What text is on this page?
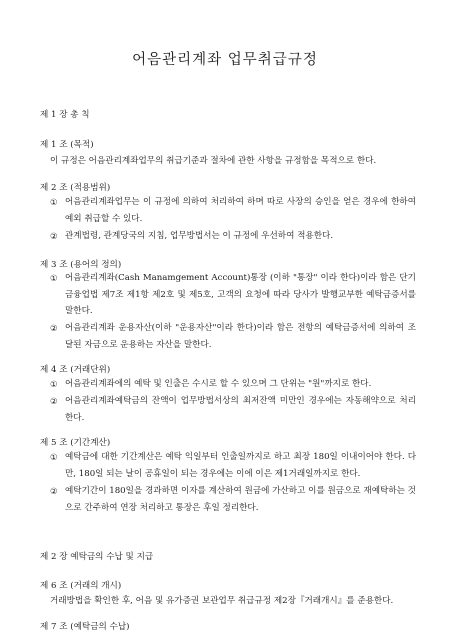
어음관리계좌 업무취급규정
제 1 장 총 칙
제 1 조 (목적)
이 규정은 어음관리계좌업무의 취급기준과 절차에 관한 사항을 규정함을 목적으로 한다.
제 2 조 (적용범위)
① 어음관리계좌업무는 이 규정에 의하여 처리하여 하며 따로 사장의 승인을 얻은 경우에 한하여 예외 취급할 수 있다.
② 관계법령, 관계당국의 지침, 업무방법서는 이 규정에 우선하여 적용한다.
제 3 조 (용어의 정의)
① 어음관리계좌(Cash Manamgement Account)통장 (이하 "통장" 이라 한다)이라 함은 단기금융업법 제7조 제1항 제2호 및 제5호, 고객의 요청에 따라 당사가 발행교부한 예탁금증서를 말한다.
② 어음관리계좌 운용자산(이하 "운용자산"이라 한다)이라 함은 전항의 예탁금증서에 의하여 조달된 자금으로 운용하는 자산을 말한다.
제 4 조 (거래단위)
① 어음관리계좌에의 예탁 및 인출은 수시로 할 수 있으며 그 단위는 "원"까지로 한다.
② 어음관리계좌예탁금의 잔액이 업무방법서상의 최저잔액 미만인 경우에는 자동해약으로 처리한다.
제 5 조 (기간계산)
① 예탁금에 대한 기간계산은 예탁 익일부터 인출일까지로 하고 최장 180일 이내이어야 한다. 다만, 180일 되는 날이 공휴일이 되는 경우에는 이에 이은 제1거래일까지로 한다.
② 예탁기간이 180일을 경과하면 이자를 계산하여 원금에 가산하고 이를 원금으로 재예탁하는 것으로 간주하여 연장 처리하고 통장은 후일 정리한다.
제 2 장 예탁금의 수납 및 지급
제 6 조 (거래의 개시)
거래방법을 확인한 후, 어음 및 유가증권 보관업무 취급규정 제2장『거래개시』를 준용한다.
제 7 조 (예탁금의 수납)
